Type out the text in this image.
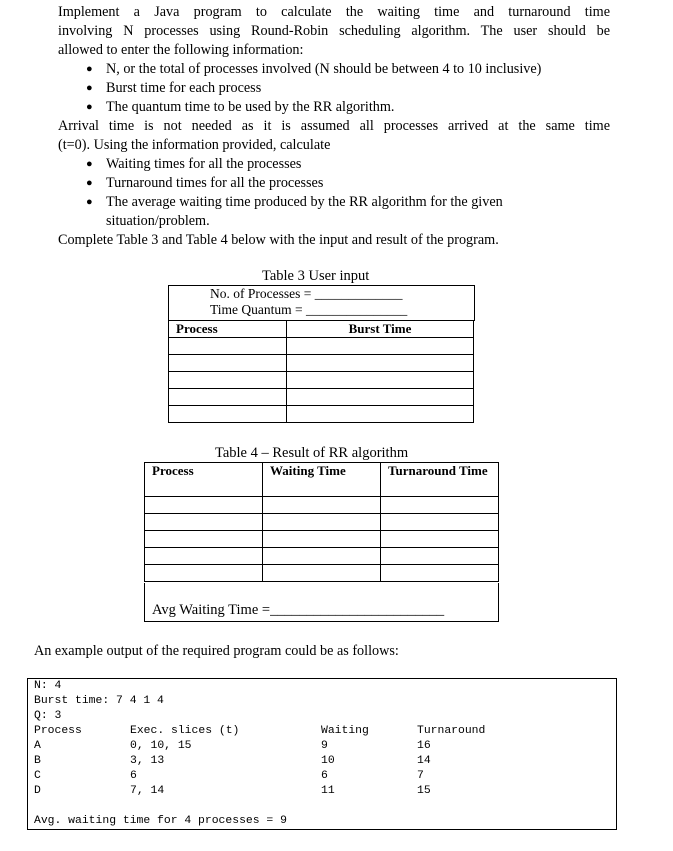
Implement a Java program to calculate the waiting time and turnaround time
involving N processes using Round-Robin scheduling algorithm. The user should be
allowed to enter the following information:
● N, or the total of processes involved (N should be between 4 to 10 inclusive)
● Burst time for each process
● The quantum time to be used by the RR algorithm.
Arrival time is not needed as it is assumed all processes arrived at the same time
(t=0). Using the information provided, calculate
● Waiting times for all the processes
● Turnaround times for all the processes
● The average waiting time produced by the RR algorithm for the given
situation/problem.
Complete Table 3 and Table 4 below with the input and result of the program.
Table 3 User input
No. of Processes = _____________
Time Quantum = _______________
Process	Burst Time

Table 4 – Result of RR algorithm
Process	Waiting Time	Turnaround Time

Avg Waiting Time =________________________
An example output of the required program could be as follows:
N: 4
Burst time: 7 4 1 4
Q: 3
Process	Exec. slices (t)	Waiting	Turnaround
A	0, 10, 15	9	16
B	3, 13	10	14
C	6	6	7
D	7, 14	11	15
Avg. waiting time for 4 processes = 9
